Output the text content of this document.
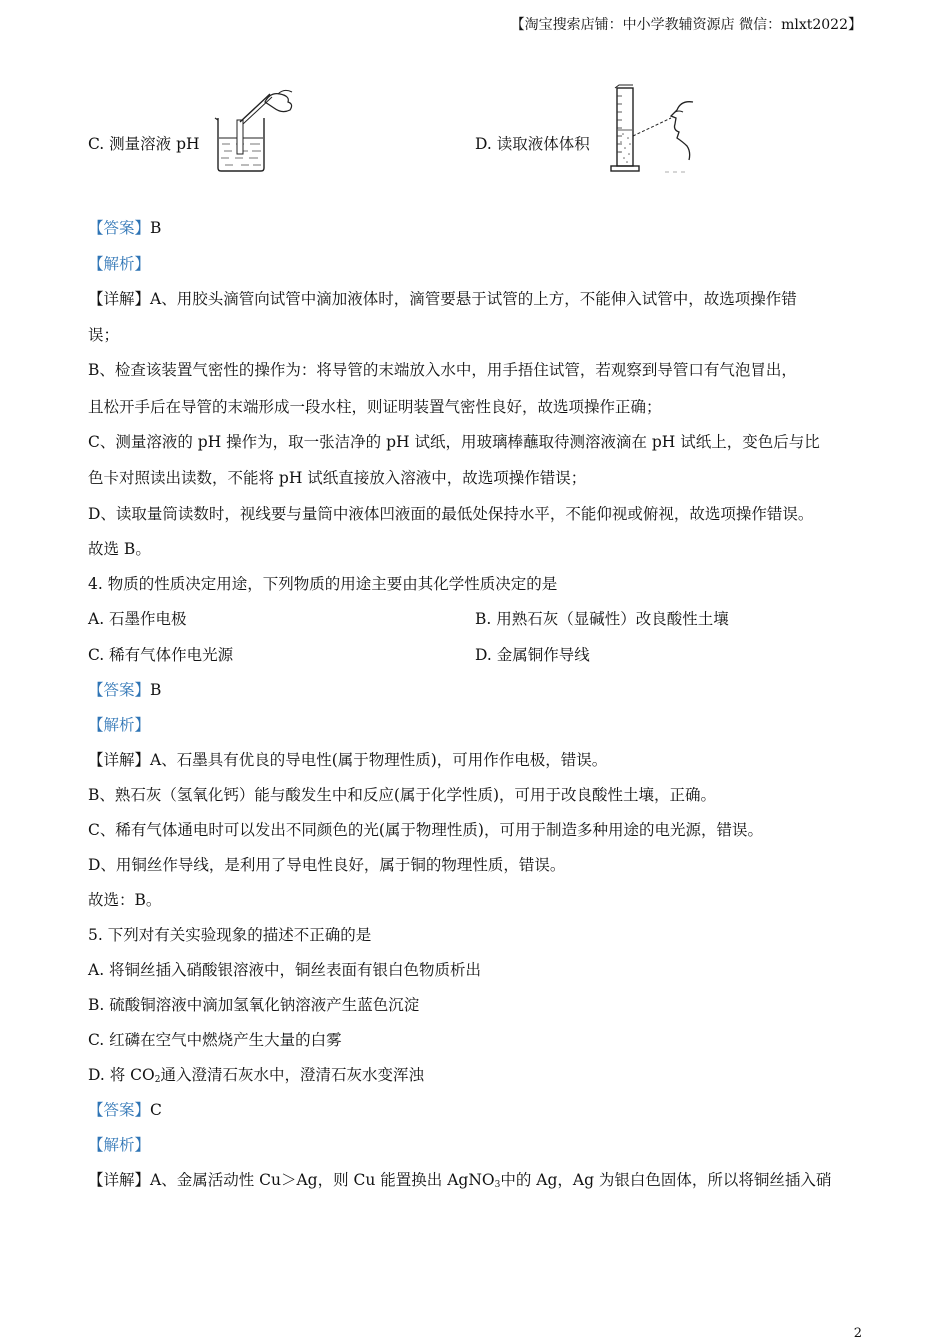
【淘宝搜索店铺：中小学教辅资源店 微信：mlxt2022】
C. 测量溶液 pH	D. 读取液体体积
【答案】B
【解析】
【详解】A、用胶头滴管向试管中滴加液体时，滴管要悬于试管的上方，不能伸入试管中，故选项操作错
误；
B、检查该装置气密性的操作为：将导管的末端放入水中，用手捂住试管，若观察到导管口有气泡冒出，
且松开手后在导管的末端形成一段水柱，则证明装置气密性良好，故选项操作正确；
C、测量溶液的 pH 操作为，取一张洁净的 pH 试纸，用玻璃棒蘸取待测溶液滴在 pH 试纸上，变色后与比
色卡对照读出读数，不能将 pH 试纸直接放入溶液中，故选项操作错误；
D、读取量筒读数时，视线要与量筒中液体凹液面的最低处保持水平，不能仰视或俯视，故选项操作错误。
故选 B。
4. 物质的性质决定用途，下列物质的用途主要由其化学性质决定的是
A. 石墨作电极	B. 用熟石灰（显碱性）改良酸性土壤
C. 稀有气体作电光源	D. 金属铜作导线
【答案】B
【解析】
【详解】A、石墨具有优良的导电性(属于物理性质)，可用作作电极，错误。
B、熟石灰（氢氧化钙）能与酸发生中和反应(属于化学性质)，可用于改良酸性土壤，正确。
C、稀有气体通电时可以发出不同颜色的光(属于物理性质)，可用于制造多种用途的电光源，错误。
D、用铜丝作导线，是利用了导电性良好，属于铜的物理性质，错误。
故选：B。
5. 下列对有关实验现象的描述不正确的是
A. 将铜丝插入硝酸银溶液中，铜丝表面有银白色物质析出
B. 硫酸铜溶液中滴加氢氧化钠溶液产生蓝色沉淀
C. 红磷在空气中燃烧产生大量的白雾
D. 将 $CO_2$通入澄清石灰水中，澄清石灰水变浑浊
【答案】C
【解析】
【详解】A、金属活动性 Cu＞Ag，则 Cu 能置换出 AgNO$_3$中的 Ag，Ag 为银白色固体，所以将铜丝插入硝
2
